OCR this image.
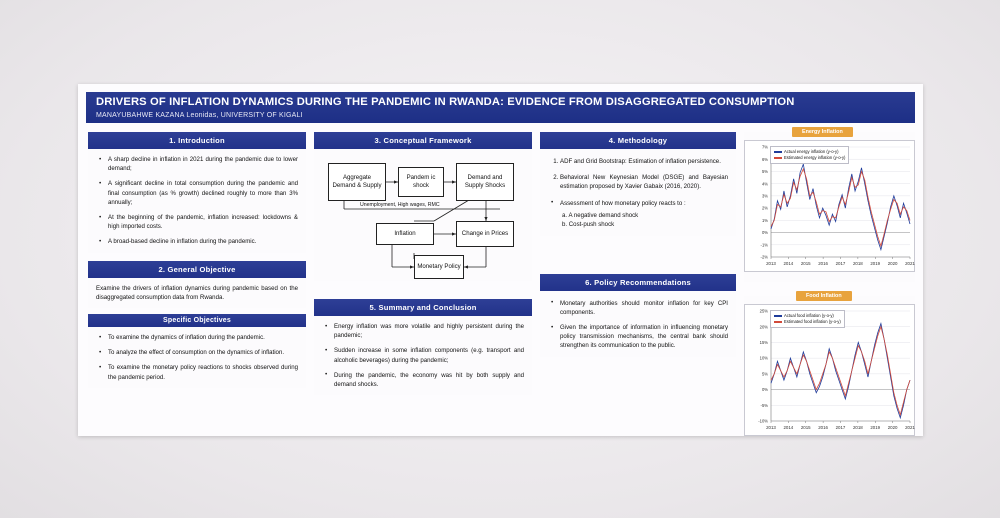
DRIVERS OF INFLATION DYNAMICS DURING THE PANDEMIC IN RWANDA: EVIDENCE FROM DISAGGREGATED CONSUMPTION
MANAYUBAHWE KAZANA Leonidas, UNIVERSITY OF KIGALI
1. Introduction
• A sharp decline in inflation in 2021 during the pandemic due to lower demand;
• A significant decline in total consumption during the pandemic and final consumption (as % growth) declined roughly to more than 3% annually;
• At the beginning of the pandemic, inflation increased: lockdowns & high imported costs.
• A broad-based decline in inflation during the pandemic.
2. General Objective
Examine the drivers of inflation dynamics during pandemic based on the disaggregated consumption data from Rwanda.
Specific Objectives
• To examine the dynamics of inflation during the pandemic.
• To analyze the effect of consumption on the dynamics of inflation.
• To examine the monetary policy reactions to shocks observed during the pandemic period.
3. Conceptual Framework
Aggregate Demand & Supply
Pandem ic shock
Demand and Supply Shocks
Unemployment, High wages, RMC
Inflation	Change in Prices
Monetary Policy
5. Summary and Conclusion
• Energy inflation was more volatile and highly persistent during the pandemic;
• Sudden increase in some inflation components (e.g. transport and alcoholic beverages) during the pandemic;
• During the pandemic, the economy was hit by both supply and demand shocks.
4. Methodology
1. ADF and Grid Bootstrap: Estimation of inflation persistence.
2. Behavioral New Keynesian Model (DSGE) and Bayesian estimation proposed by Xavier Gabaix (2016, 2020).
• Assessment of how monetary policy reacts to :
a. A negative demand shock
b. Cost-push shock
6. Policy Recommendations
• Monetary authorities should monitor inflation for key CPI components.
• Given the importance of information in influencing monetary policy transmission mechanisms, the central bank should strengthen its communication to the public.
Energy Inflation
7%
6%
5%
4%
3%
2%
1%
0%
-1%
-2%
2013 2014 2015 2016 2017 2018 2019 2020 2021
Actual energy inflation (y-o-y)
Estimated energy inflation (y-o-y)
Food Inflation
25%
20%
15%
10%
5%
0%
-5%
-10%
2013 2014 2015 2016 2017 2018 2019 2020 2021
Actual food inflation (y-o-y)
Estimated food inflation (y-o-y)
